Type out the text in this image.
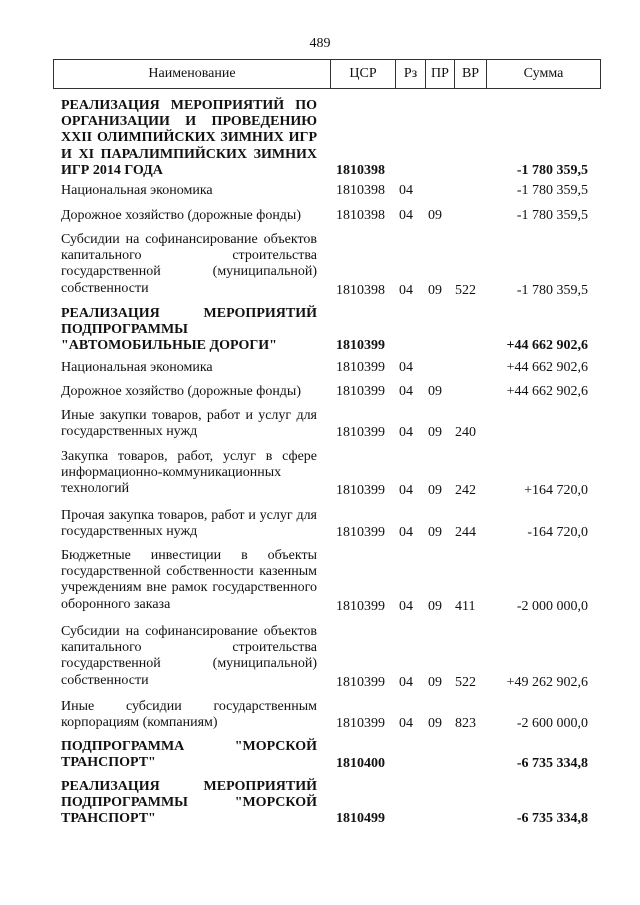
489
Наименование	ЦСР	Рз ПР ВР	Сумма
РЕАЛИЗАЦИЯ МЕРОПРИЯТИЙ ПО ОРГАНИЗАЦИИ И ПРОВЕДЕНИЮ XXII ОЛИМПИЙСКИХ ЗИМНИХ ИГР И XI ПАРАЛИМПИЙСКИХ ЗИМНИХ ИГР 2014 ГОДА	1810398	-1 780 359,5
Национальная экономика	1810398 04	-1 780 359,5
Дорожное хозяйство (дорожные фонды)	1810398 04 09	-1 780 359,5
Субсидии на софинансирование объектов капитального строительства государственной (муниципальной) собственности	1810398 04 09 522	-1 780 359,5
РЕАЛИЗАЦИЯ МЕРОПРИЯТИЙ ПОДПРОГРАММЫ "АВТОМОБИЛЬНЫЕ ДОРОГИ"	1810399	+44 662 902,6
Национальная экономика	1810399 04	+44 662 902,6
Дорожное хозяйство (дорожные фонды)	1810399 04 09	+44 662 902,6
Иные закупки товаров, работ и услуг для государственных нужд	1810399 04 09 240
Закупка товаров, работ, услуг в сфере информационно-коммуникационных технологий	1810399 04 09 242	+164 720,0
Прочая закупка товаров, работ и услуг для государственных нужд	1810399 04 09 244	-164 720,0
Бюджетные инвестиции в объекты государственной собственности казенным учреждениям вне рамок государственного оборонного заказа	1810399 04 09 411	-2 000 000,0
Субсидии на софинансирование объектов капитального строительства государственной (муниципальной) собственности	1810399 04 09 522 +49 262 902,6
Иные субсидии государственным корпорациям (компаниям)	1810399 04 09 823	-2 600 000,0
ПОДПРОГРАММА "МОРСКОЙ ТРАНСПОРТ"	1810400	-6 735 334,8
РЕАЛИЗАЦИЯ МЕРОПРИЯТИЙ ПОДПРОГРАММЫ "МОРСКОЙ ТРАНСПОРТ"	1810499	-6 735 334,8
